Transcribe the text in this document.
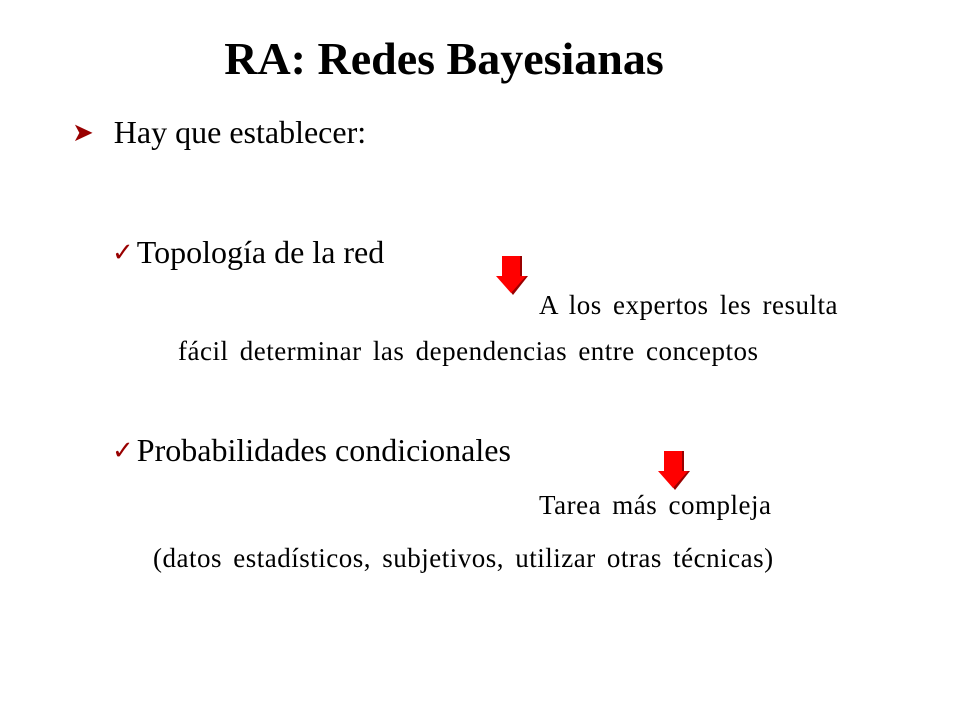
RA: Redes Bayesianas
➤ Hay que establecer:
✓Topología de la red
A los expertos les resulta
fácil determinar las dependencias entre conceptos
✓Probabilidades condicionales
Tarea más compleja
(datos estadísticos, subjetivos, utilizar otras técnicas)
